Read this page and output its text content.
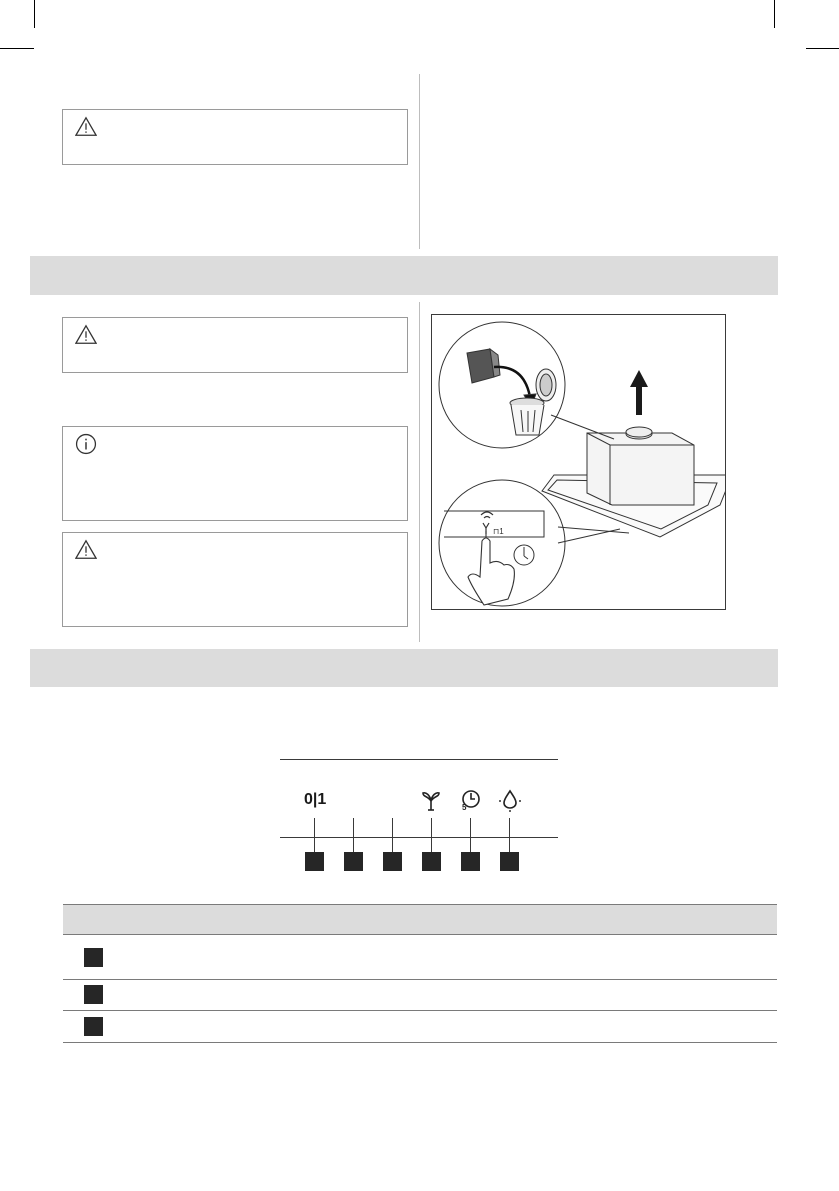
⊓1
0|1	5
